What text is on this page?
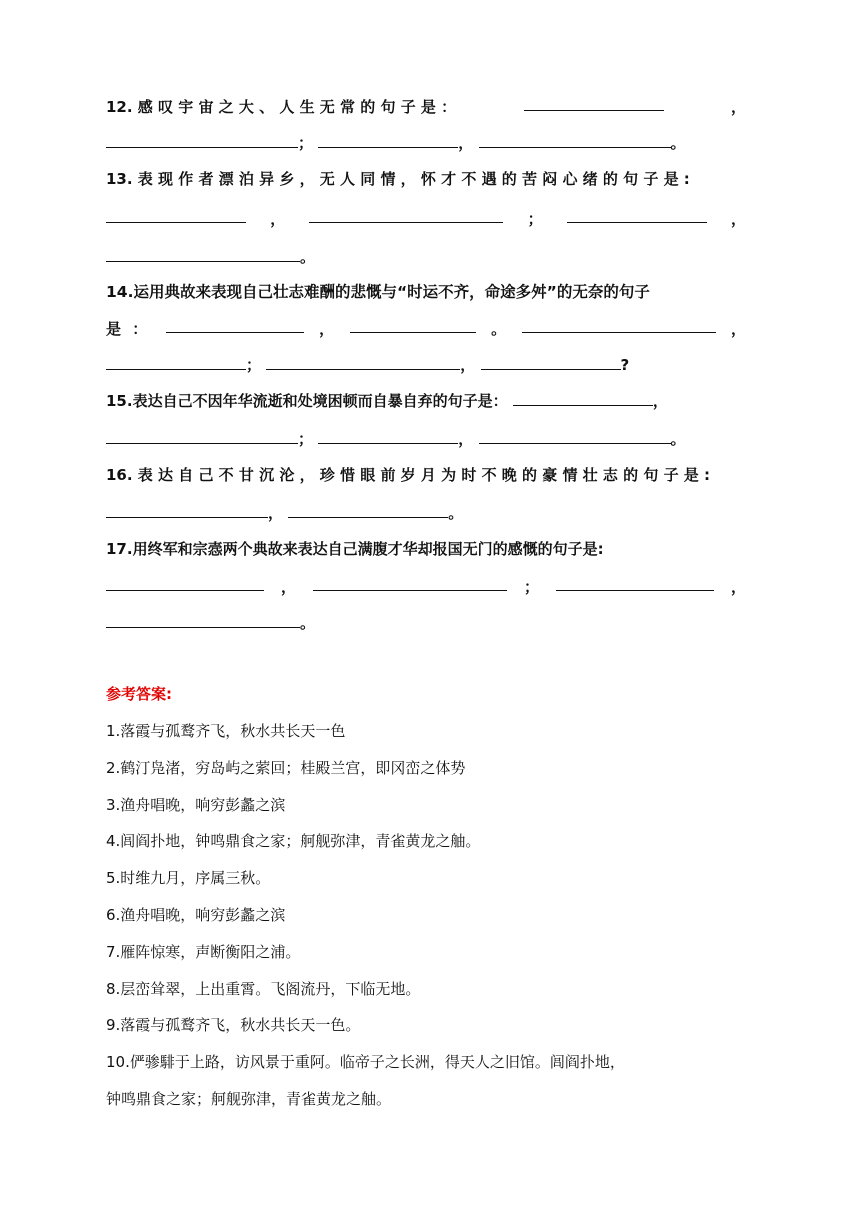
12. 感 叹 宇 宙 之 大 、 人 生 无 常 的 句 子 是 ：	，
；	，	。
13. 表 现 作 者 漂 泊 异 乡 ， 无 人 同 情 ， 怀 才 不 遇 的 苦 闷 心 绪 的 句 子 是 :
，	；	，
。
14.运用典故来表现自己壮志难酬的悲慨与“时运不齐，命途多舛”的无奈的句子
是 ：	，	。	，
；	，	?
15.表达自己不因年华流逝和处境困顿而自暴自弃的句子是：	，
；	，	。
16. 表 达 自 己 不 甘 沉 沦 ， 珍 惜 眼 前 岁 月 为 时 不 晚 的 豪 情 壮 志 的 句 子 是 :
，	。
17.用终军和宗悫两个典故来表达自己满腹才华却报国无门的感慨的句子是:
，	；	，
。
参考答案:
1.落霞与孤鹜齐飞，秋水共长天一色
2.鹤汀凫渚，穷岛屿之萦回；桂殿兰宫，即冈峦之体势
3.渔舟唱晚，响穷彭蠡之滨
4.闾阎扑地，钟鸣鼎食之家；舸舰弥津，青雀黄龙之舳。
5.时维九月，序属三秋。
6.渔舟唱晚，响穷彭蠡之滨
7.雁阵惊寒，声断衡阳之浦。
8.层峦耸翠，上出重霄。飞阁流丹，下临无地。
9.落霞与孤鹜齐飞，秋水共长天一色。
10.俨骖騑于上路，访风景于重阿。临帝子之长洲，得天人之旧馆。闾阎扑地，
钟鸣鼎食之家；舸舰弥津，青雀黄龙之舳。
